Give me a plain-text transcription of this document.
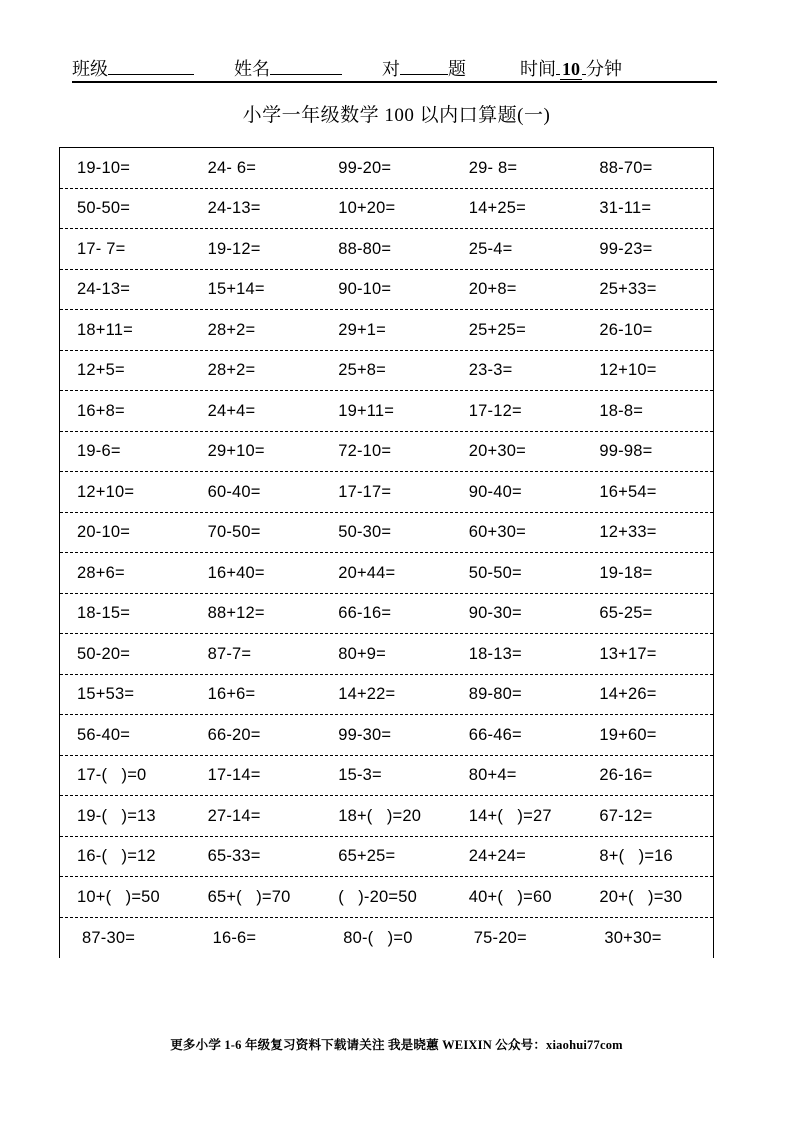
班级	姓名	对	题	时间 10 分钟
小学一年级数学 100 以内口算题(一)
19-10=	24- 6=	99-20=	29- 8=	88-70=
50-50=	24-13=	10+20=	14+25=	31-11=
17- 7=	19-12=	88-80=	25-4=	99-23=
24-13=	15+14=	90-10=	20+8=	25+33=
18+11=	28+2=	29+1=	25+25=	26-10=
12+5=	28+2=	25+8=	23-3=	12+10=
16+8=	24+4=	19+11=	17-12=	18-8=
19-6=	29+10=	72-10=	20+30=	99-98=
12+10=	60-40=	17-17=	90-40=	16+54=
20-10=	70-50=	50-30=	60+30=	12+33=
28+6=	16+40=	20+44=	50-50=	19-18=
18-15=	88+12=	66-16=	90-30=	65-25=
50-20=	87-7=	80+9=	18-13=	13+17=
15+53=	16+6=	14+22=	89-80=	14+26=
56-40=	66-20=	99-30=	66-46=	19+60=
17-(   )=0	17-14=	15-3=	80+4=	26-16=
19-(   )=13	27-14=	18+(   )=20	14+(   )=27	67-12=
16-(   )=12	65-33=	65+25=	24+24=	8+(   )=16
10+(   )=50	65+(   )=70	(   )-20=50	40+(   )=60	20+(   )=30
87-30=	16-6=	80-(   )=0	75-20=	30+30=
更多小学 1-6 年级复习资料下载请关注 我是晓蕙 WEIXIN 公众号：xiaohui77com
